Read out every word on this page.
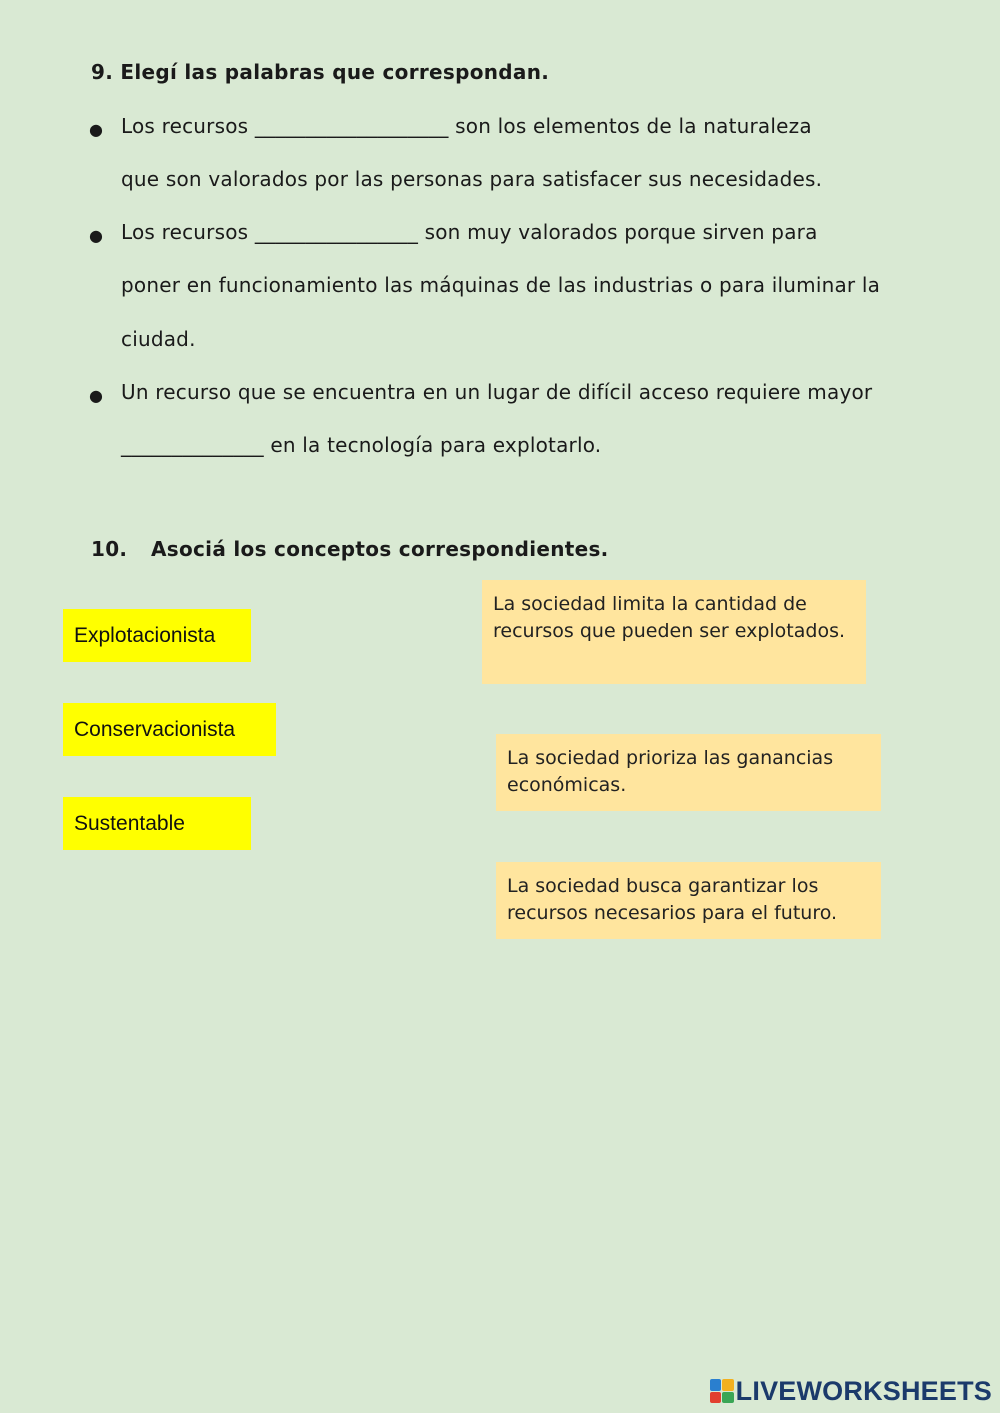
9. Elegí las palabras que correspondan.
● Los recursos ___________________ son los elementos de la naturaleza
que son valorados por las personas para satisfacer sus necesidades.
● Los recursos ________________ son muy valorados porque sirven para
poner en funcionamiento las máquinas de las industrias o para iluminar la
ciudad.
● Un recurso que se encuentra en un lugar de difícil acceso requiere mayor
______________ en la tecnología para explotarlo.
10. Asociá los conceptos correspondientes.
Explotacionista
Conservacionista
Sustentable
La sociedad limita la cantidad de recursos que pueden ser explotados.
La sociedad prioriza las ganancias económicas.
La sociedad busca garantizar los recursos necesarios para el futuro.
LIVEWORKSHEETS
